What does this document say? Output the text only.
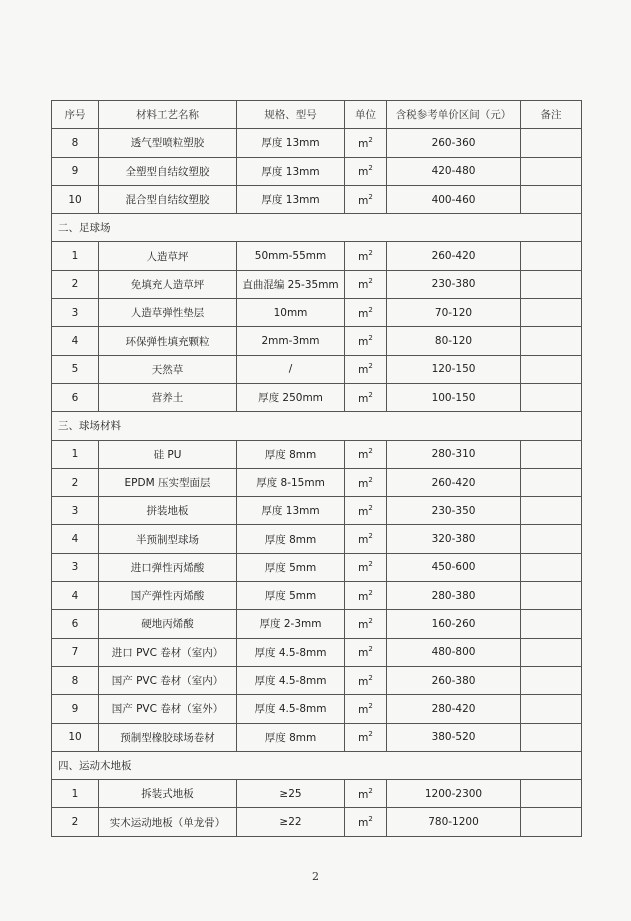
序号	材料工艺名称	规格、型号	单位	含税参考单价区间（元）	备注
8	透气型喷粒塑胶	厚度 13mm	$m^2$	260-360	
9	全塑型自结纹塑胶	厚度 13mm	$m^2$	420-480	
10	混合型自结纹塑胶	厚度 13mm	$m^2$	400-460	
二、足球场					
1	人造草坪	50mm-55mm	$m^2$	260-420	
2	免填充人造草坪	直曲混编 25-35mm	$m^2$	230-380	
3	人造草弹性垫层	10mm	$m^2$	70-120	
4	环保弹性填充颗粒	2mm-3mm	$m^2$	80-120	
5	天然草	/	$m^2$	120-150	
6	营养土	厚度 250mm	$m^2$	100-150	
三、球场材料					
1	硅 PU	厚度 8mm	$m^2$	280-310	
2	EPDM 压实型面层	厚度 8-15mm	$m^2$	260-420	
3	拼装地板	厚度 13mm	$m^2$	230-350	
4	半预制型球场	厚度 8mm	$m^2$	320-380	
3	进口弹性丙烯酸	厚度 5mm	$m^2$	450-600	
4	国产弹性丙烯酸	厚度 5mm	$m^2$	280-380	
6	硬地丙烯酸	厚度 2-3mm	$m^2$	160-260	
7	进口 PVC 卷材（室内）	厚度 4.5-8mm	$m^2$	480-800	
8	国产 PVC 卷材（室内）	厚度 4.5-8mm	$m^2$	260-380	
9	国产 PVC 卷材（室外）	厚度 4.5-8mm	$m^2$	280-420	
10	预制型橡胶球场卷材	厚度 8mm	$m^2$	380-520	
四、运动木地板					
1	拆装式地板	≥25	$m^2$	1200-2300	
2	实木运动地板（单龙骨）	≥22	$m^2$	780-1200	
2
